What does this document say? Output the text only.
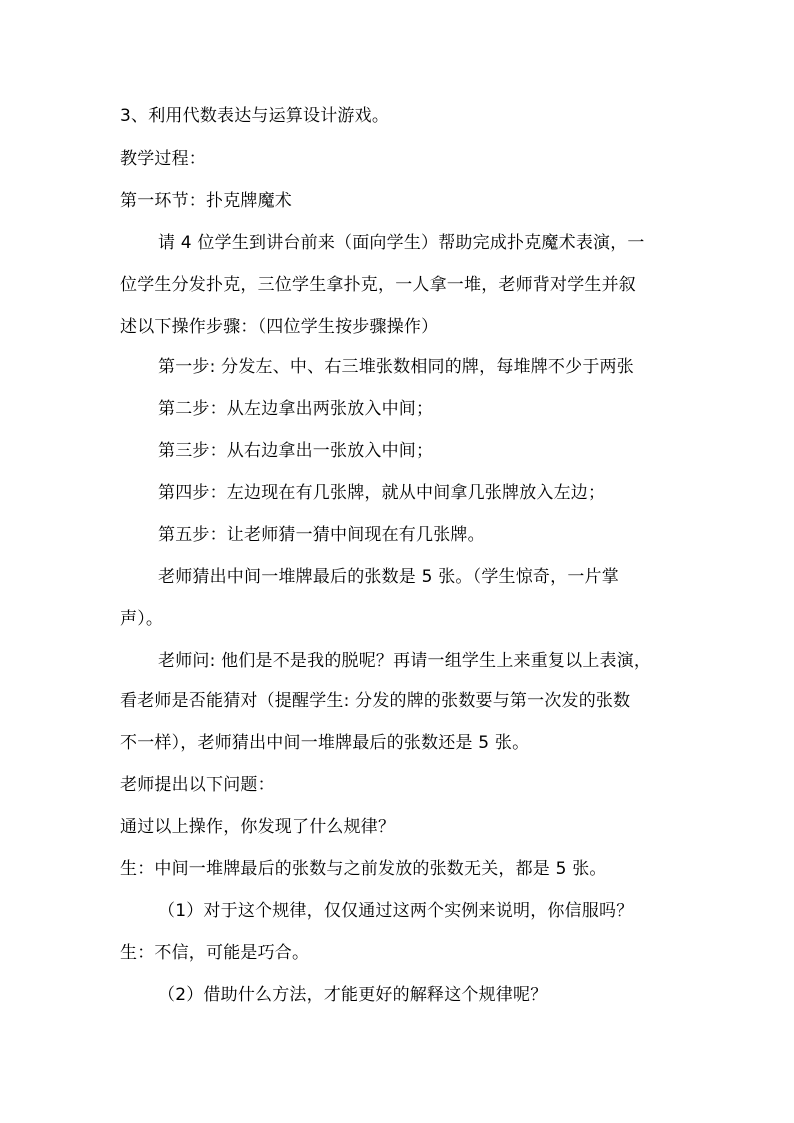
3、利用代数表达与运算设计游戏。
教学过程：
第一环节：扑克牌魔术
请 4 位学生到讲台前来（面向学生）帮助完成扑克魔术表演，一
位学生分发扑克，三位学生拿扑克，一人拿一堆，老师背对学生并叙
述以下操作步骤：（四位学生按步骤操作）
第一步: 分发左、中、右三堆张数相同的牌，每堆牌不少于两张
第二步：从左边拿出两张放入中间；
第三步：从右边拿出一张放入中间；
第四步：左边现在有几张牌，就从中间拿几张牌放入左边；
第五步：让老师猜一猜中间现在有几张牌。
老师猜出中间一堆牌最后的张数是 5 张。（学生惊奇，一片掌
声）。
老师问: 他们是不是我的脱呢？再请一组学生上来重复以上表演，
看老师是否能猜对（提醒学生: 分发的牌的张数要与第一次发的张数
不一样），老师猜出中间一堆牌最后的张数还是 5 张。
老师提出以下问题：
通过以上操作，你发现了什么规律？
生：中间一堆牌最后的张数与之前发放的张数无关，都是 5 张。
（1）对于这个规律，仅仅通过这两个实例来说明，你信服吗？
生：不信，可能是巧合。
（2）借助什么方法，才能更好的解释这个规律呢？
